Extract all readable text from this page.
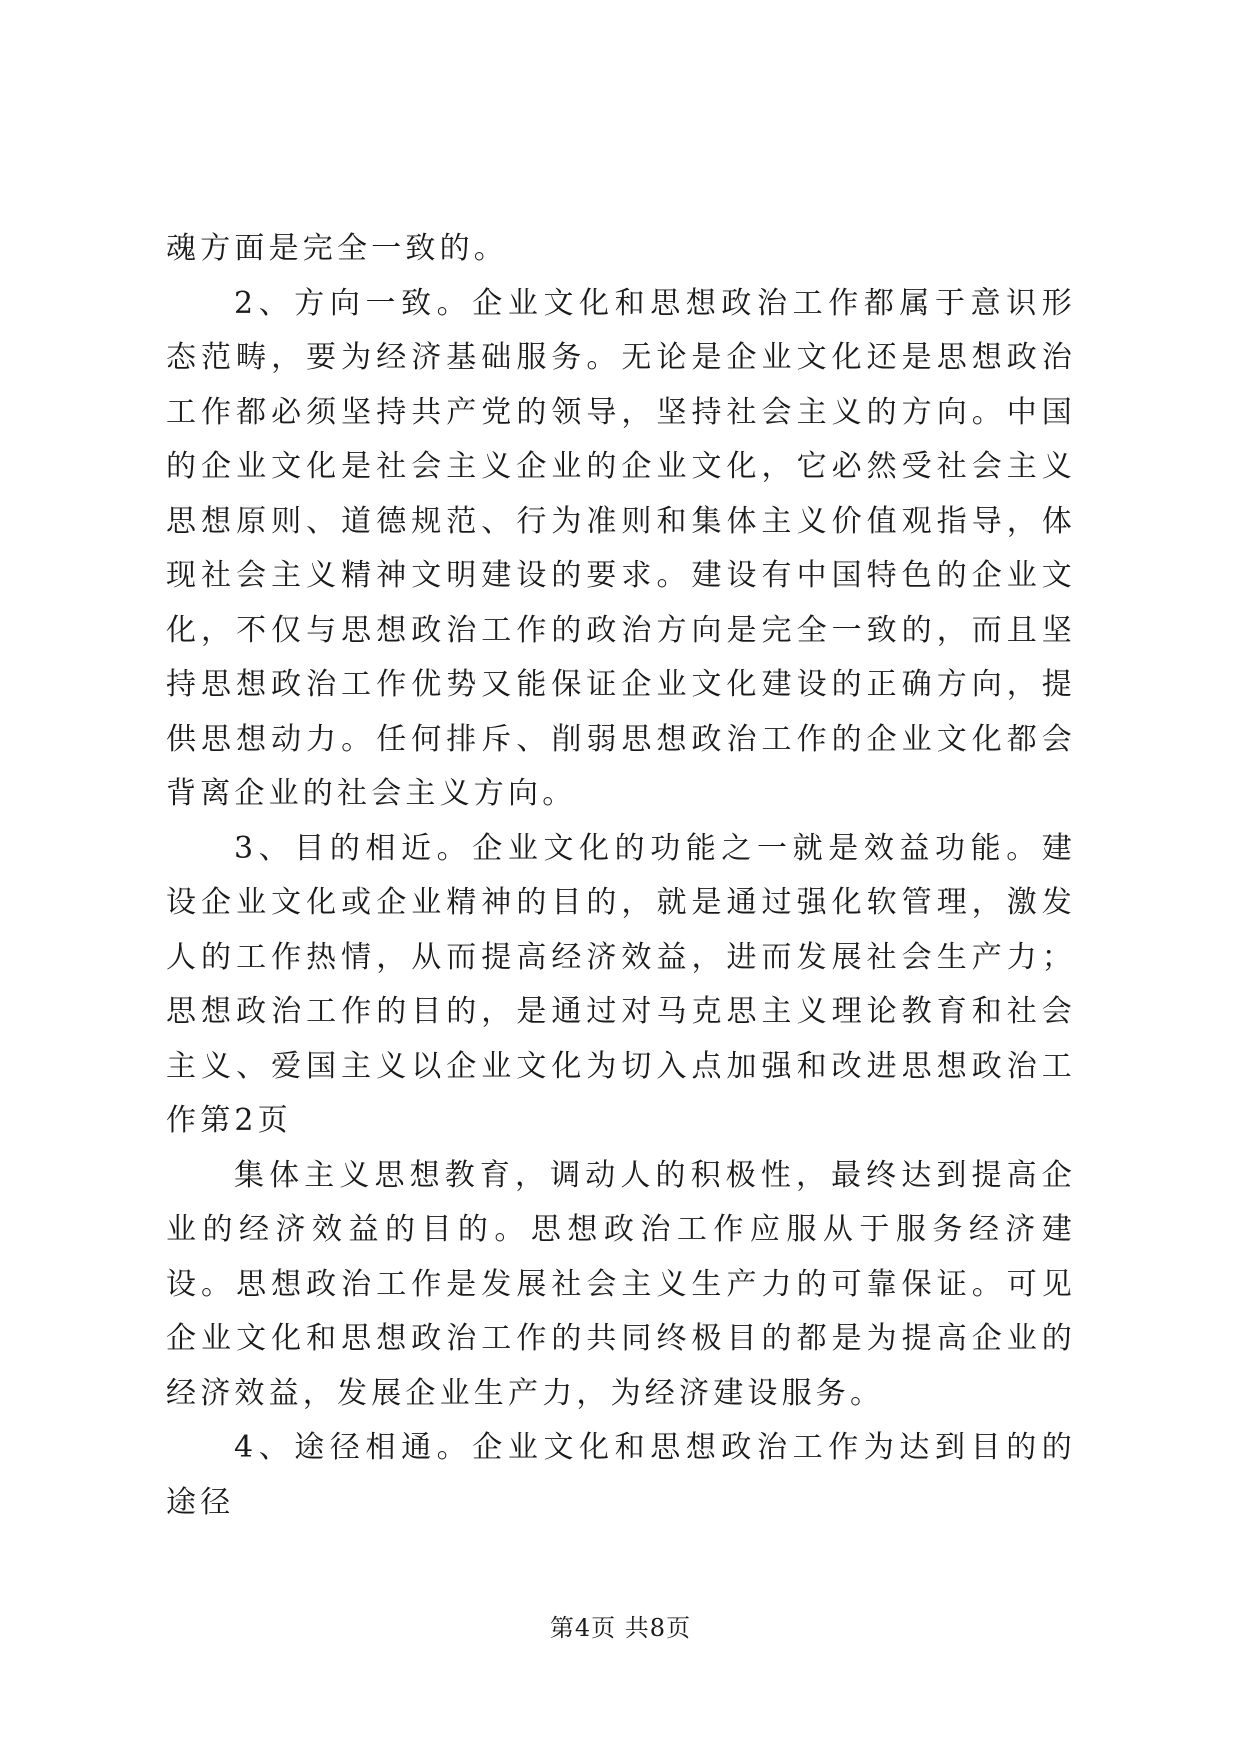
魂方面是完全一致的。

2、方向一致。企业文化和思想政治工作都属于意识形态范畴，要为经济基础服务。无论是企业文化还是思想政治工作都必须坚持共产党的领导，坚持社会主义的方向。中国的企业文化是社会主义企业的企业文化，它必然受社会主义思想原则、道德规范、行为准则和集体主义价值观指导，体现社会主义精神文明建设的要求。建设有中国特色的企业文化，不仅与思想政治工作的政治方向是完全一致的，而且坚持思想政治工作优势又能保证企业文化建设的正确方向，提供思想动力。任何排斥、削弱思想政治工作的企业文化都会背离企业的社会主义方向。

3、目的相近。企业文化的功能之一就是效益功能。建设企业文化或企业精神的目的，就是通过强化软管理，激发人的工作热情，从而提高经济效益，进而发展社会生产力；思想政治工作的目的，是通过对马克思主义理论教育和社会主义、爱国主义以企业文化为切入点加强和改进思想政治工作第2页

集体主义思想教育，调动人的积极性，最终达到提高企业的经济效益的目的。思想政治工作应服从于服务经济建设。思想政治工作是发展社会主义生产力的可靠保证。可见企业文化和思想政治工作的共同终极目的都是为提高企业的经济效益，发展企业生产力，为经济建设服务。

4、途径相通。企业文化和思想政治工作为达到目的的途径

第4页 共8页
